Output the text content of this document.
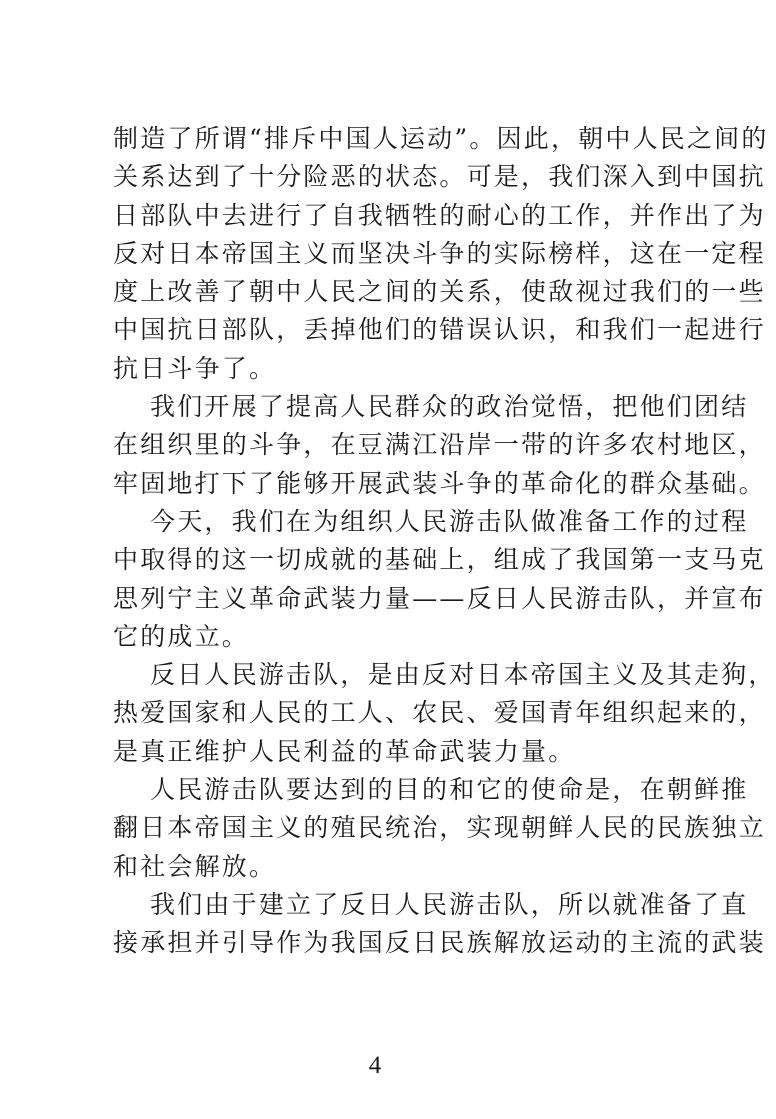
制造了所谓“排斥中国人运动”。因此，朝中人民之间的
关系达到了十分险恶的状态。可是，我们深入到中国抗
日部队中去进行了自我牺牲的耐心的工作，并作出了为
反对日本帝国主义而坚决斗争的实际榜样，这在一定程
度上改善了朝中人民之间的关系，使敌视过我们的一些
中国抗日部队，丢掉他们的错误认识，和我们一起进行
抗日斗争了。
我们开展了提高人民群众的政治觉悟，把他们团结
在组织里的斗争，在豆满江沿岸一带的许多农村地区，
牢固地打下了能够开展武装斗争的革命化的群众基础。
今天，我们在为组织人民游击队做准备工作的过程
中取得的这一切成就的基础上，组成了我国第一支马克
思列宁主义革命武装力量——反日人民游击队，并宣布
它的成立。
反日人民游击队，是由反对日本帝国主义及其走狗，
热爱国家和人民的工人、农民、爱国青年组织起来的，
是真正维护人民利益的革命武装力量。
人民游击队要达到的目的和它的使命是，在朝鲜推
翻日本帝国主义的殖民统治，实现朝鲜人民的民族独立
和社会解放。
我们由于建立了反日人民游击队，所以就准备了直
接承担并引导作为我国反日民族解放运动的主流的武装
4
